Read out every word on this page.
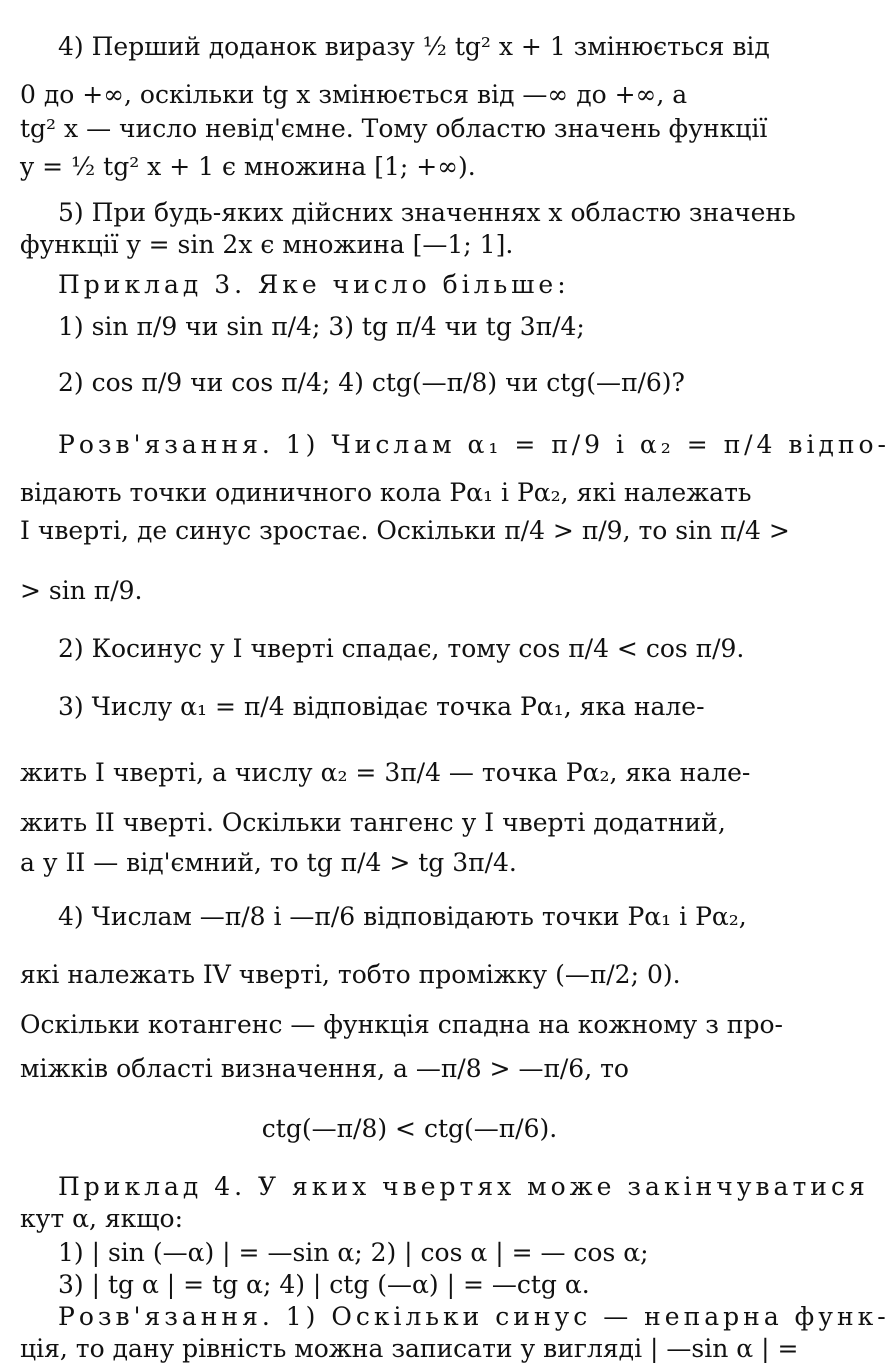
4) Перший доданок виразу ½ tg² x + 1 змінюється від
0 до +∞, оскільки tg x змінюється від —∞ до +∞, а
tg² x — число невід'ємне. Тому областю значень функції
y = ½ tg² x + 1 є множина [1; +∞).
5) При будь-яких дійсних значеннях x областю значень
функції y = sin 2x є множина [—1; 1].
Приклад 3. Яке число більше:
1) sin π/9 чи sin π/4; 3) tg π/4 чи tg 3π/4;
2) cos π/9 чи cos π/4; 4) ctg(—π/8) чи ctg(—π/6)?
Розв'язання. 1) Числам α₁ = π/9 і α₂ = π/4 відпо-
відають точки одиничного кола Pα₁ і Pα₂, які належать
I чверті, де синус зростає. Оскільки π/4 > π/9, то sin π/4 >
> sin π/9.
2) Косинус у I чверті спадає, тому cos π/4 < cos π/9.
3) Числу α₁ = π/4 відповідає точка Pα₁, яка нале-
жить I чверті, а числу α₂ = 3π/4 — точка Pα₂, яка нале-
жить II чверті. Оскільки тангенс у I чверті додатний,
а у II — від'ємний, то tg π/4 > tg 3π/4.
4) Числам —π/8 і —π/6 відповідають точки Pα₁ і Pα₂,
які належать IV чверті, тобто проміжку (—π/2; 0).
Оскільки котангенс — функція спадна на кожному з про-
міжків області визначення, а —π/8 > —π/6, то
ctg(—π/8) < ctg(—π/6).
Приклад 4. У яких чвертях може закінчуватися
кут α, якщо:
1) | sin (—α) | = —sin α; 2) | cos α | = — cos α;
3) | tg α | = tg α; 4) | ctg (—α) | = —ctg α.
Розв'язання. 1) Оскільки синус — непарна функ-
ція, то дану рівність можна записати у вигляді | —sin α | =
